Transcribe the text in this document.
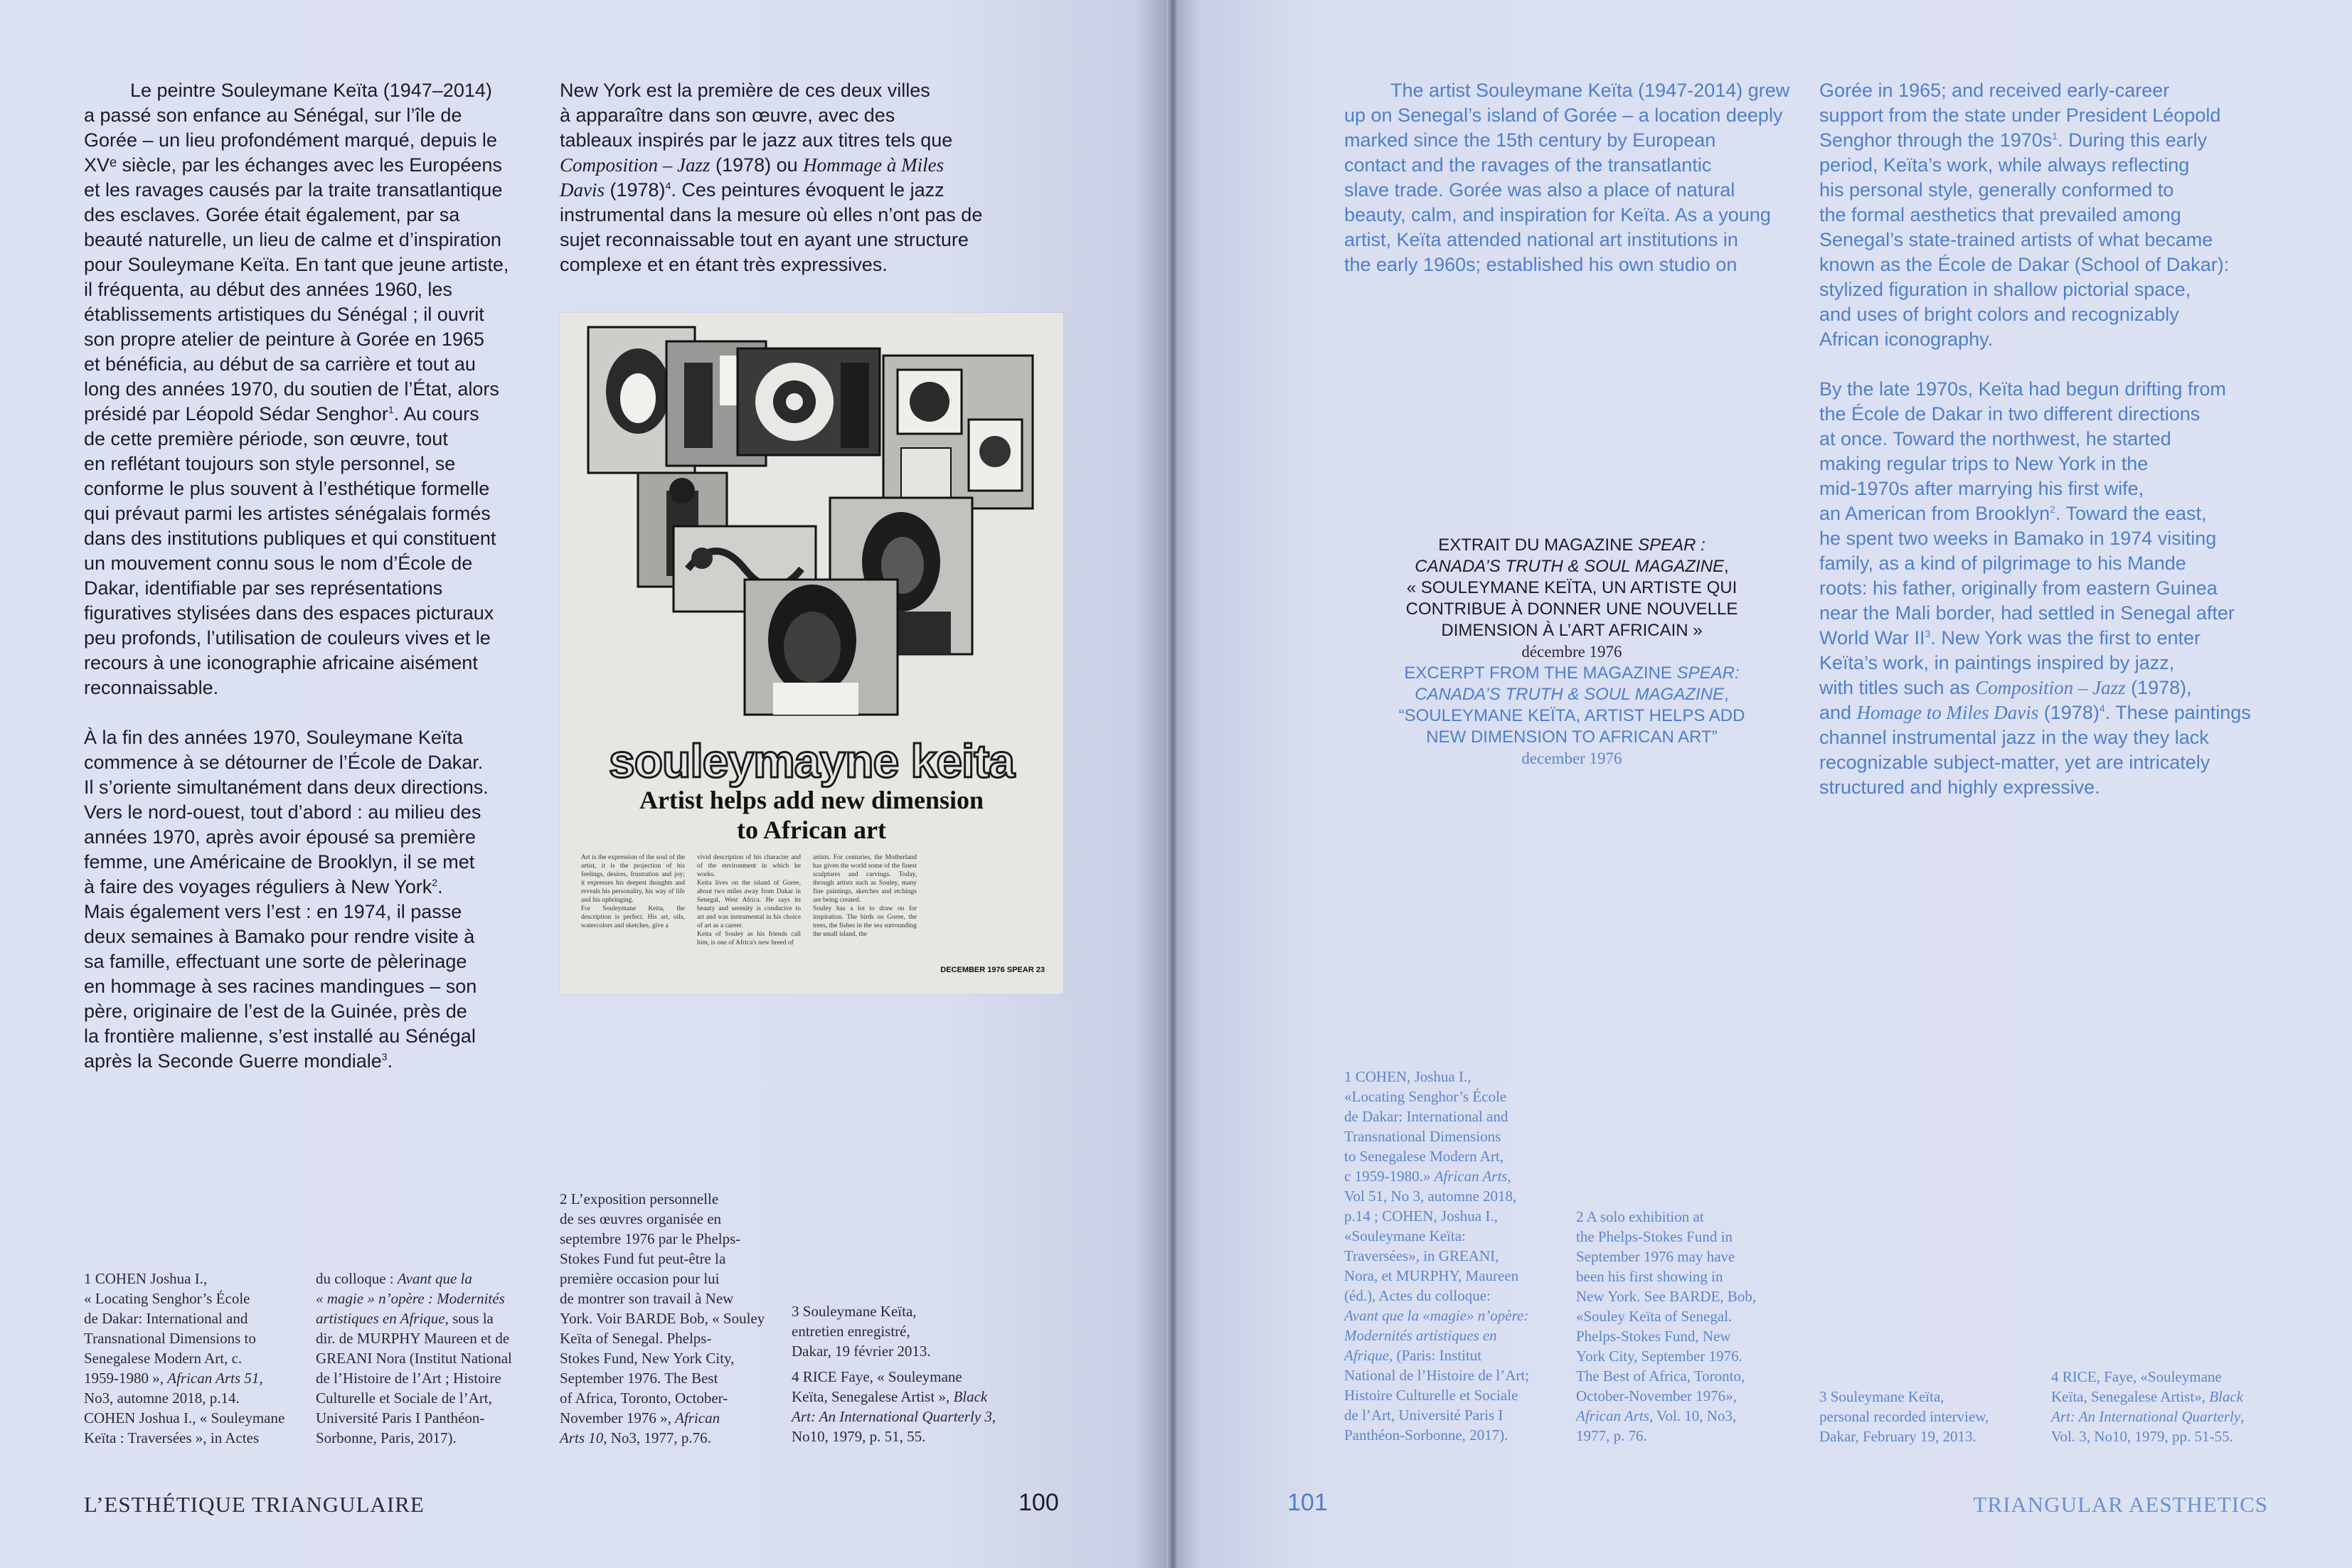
Le peintre Souleymane Keïta (1947–2014)
a passé son enfance au Sénégal, sur l’île de
Gorée – un lieu profondément marqué, depuis le
XVᵉ siècle, par les échanges avec les Européens
et les ravages causés par la traite transatlantique
des esclaves. Gorée était également, par sa
beauté naturelle, un lieu de calme et d’inspiration
pour Souleymane Keïta. En tant que jeune artiste,
il fréquenta, au début des années 1960, les
établissements artistiques du Sénégal ; il ouvrit
son propre atelier de peinture à Gorée en 1965
et bénéficia, au début de sa carrière et tout au
long des années 1970, du soutien de l’État, alors
présidé par Léopold Sédar Senghor$^1$. Au cours
de cette première période, son œuvre, tout
en reflétant toujours son style personnel, se
conforme le plus souvent à l’esthétique formelle
qui prévaut parmi les artistes sénégalais formés
dans des institutions publiques et qui constituent
un mouvement connu sous le nom d’École de
Dakar, identifiable par ses représentations
figuratives stylisées dans des espaces picturaux
peu profonds, l’utilisation de couleurs vives et le
recours à une iconographie africaine aisément
reconnaissable.

À la fin des années 1970, Souleymane Keïta
commence à se détourner de l’École de Dakar.
Il s’oriente simultanément dans deux directions.
Vers le nord-ouest, tout d’abord : au milieu des
années 1970, après avoir épousé sa première
femme, une Américaine de Brooklyn, il se met
à faire des voyages réguliers à New York$^2$.
Mais également vers l’est : en 1974, il passe
deux semaines à Bamako pour rendre visite à
sa famille, effectuant une sorte de pèlerinage
en hommage à ses racines mandingues – son
père, originaire de l’est de la Guinée, près de
la frontière malienne, s’est installé au Sénégal
après la Seconde Guerre mondiale$^3$.

New York est la première de ces deux villes
à apparaître dans son œuvre, avec des
tableaux inspirés par le jazz aux titres tels que
Composition – Jazz (1978) ou Hommage à Miles
Davis $(1978)^4$. Ces peintures évoquent le jazz
instrumental dans la mesure où elles n’ont pas de
sujet reconnaissable tout en ayant une structure
complexe et en étant très expressives.

souleymayne keita
Artist helps add new dimension
to African art
Art is the expression of the soul of the artist, it is the projection of his feelings, desires, frustration and joy; it expresses his deepest thoughts and reveals his personality, his way of life and his upbringing.
For Souleymane Keita, the description is perfect. His art, oils, watercolors and sketches, give a
vivid description of his character and of the environment in which he works.
Keita lives on the island of Goree, about two miles away from Dakar in Senegal, West Africa. He says its beauty and serenity is conducive to art and was instrumental in his choice of art as a career.
Keita of Souley as his friends call him, is one of Africa's new breed of
artists. For centuries, the Motherland has given the world some of the finest sculptures and carvings. Today, through artists such as Souley, many fine paintings, sketches and etchings are being created.
Souley has a lot to draw on for inspiration. The birds on Goree, the trees, the fishes in the sea surrounding the small island, the
DECEMBER 1976 SPEAR 23

1 COHEN Joshua I.,
« Locating Senghor’s École
de Dakar: International and
Transnational Dimensions to
Senegalese Modern Art, c.
1959-1980 », African Arts 51,
No3, automne 2018, p.14.
COHEN Joshua I., « Souleymane
Keïta : Traversées », in Actes

du colloque : Avant que la
« magie » n’opère : Modernités
artistiques en Afrique, sous la
dir. de MURPHY Maureen et de
GREANI Nora (Institut National
de l’Histoire de l’Art ; Histoire
Culturelle et Sociale de l’Art,
Université Paris I Panthéon-
Sorbonne, Paris, 2017).

2 L’exposition personnelle
de ses œuvres organisée en
septembre 1976 par le Phelps-
Stokes Fund fut peut-être la
première occasion pour lui
de montrer son travail à New
York. Voir BARDE Bob, « Souley
Keïta of Senegal. Phelps-
Stokes Fund, New York City,
September 1976. The Best
of Africa, Toronto, October-
November 1976 », African
Arts 10, No3, 1977, p.76.

3 Souleymane Keïta,
entretien enregistré,
Dakar, 19 février 2013.

4 RICE Faye, « Souleymane
Keïta, Senegalese Artist », Black
Art: An International Quarterly 3,
No10, 1979, p. 51, 55.

L’ESTHÉTIQUE TRIANGULAIRE	100

The artist Souleymane Keïta (1947-2014) grew
up on Senegal’s island of Gorée – a location deeply
marked since the 15th century by European
contact and the ravages of the transatlantic
slave trade. Gorée was also a place of natural
beauty, calm, and inspiration for Keïta. As a young
artist, Keïta attended national art institutions in
the early 1960s; established his own studio on

Gorée in 1965; and received early-career
support from the state under President Léopold
Senghor through the $1970s^1$. During this early
period, Keïta’s work, while always reflecting
his personal style, generally conformed to
the formal aesthetics that prevailed among
Senegal’s state-trained artists of what became
known as the École de Dakar (School of Dakar):
stylized figuration in shallow pictorial space,
and uses of bright colors and recognizably
African iconography.

By the late 1970s, Keïta had begun drifting from
the École de Dakar in two different directions
at once. Toward the northwest, he started
making regular trips to New York in the
mid-1970s after marrying his first wife,
an American from Brooklyn$^2$. Toward the east,
he spent two weeks in Bamako in 1974 visiting
family, as a kind of pilgrimage to his Mande
roots: his father, originally from eastern Guinea
near the Mali border, had settled in Senegal after
World War $II^3$. New York was the first to enter
Keïta’s work, in paintings inspired by jazz,
with titles such as Composition – Jazz (1978),
and Homage to Miles Davis $(1978)^4$. These paintings
channel instrumental jazz in the way they lack
recognizable subject-matter, yet are intricately
structured and highly expressive.

1 COHEN, Joshua I.,
«Locating Senghor’s École
de Dakar: International and
Transnational Dimensions
to Senegalese Modern Art,
c 1959-1980.» African Arts,
Vol 51, No 3, automne 2018,
p.14 ; COHEN, Joshua I.,
«Souleymane Keïta:
Traversées», in GREANI,
Nora, et MURPHY, Maureen
(éd.), Actes du colloque:
Avant que la «magie» n’opère:
Modernités artistiques en
Afrique, (Paris: Institut
National de l’Histoire de l’Art;
Histoire Culturelle et Sociale
de l’Art, Université Paris I
Panthéon-Sorbonne, 2017).

2 A solo exhibition at
the Phelps-Stokes Fund in
September 1976 may have
been his first showing in
New York. See BARDE, Bob,
«Souley Keïta of Senegal.
Phelps-Stokes Fund, New
York City, September 1976.
The Best of Africa, Toronto,
October-November 1976»,
African Arts, Vol. 10, No3,
1977, p. 76.

3 Souleymane Keïta,
personal recorded interview,
Dakar, February 19, 2013.

4 RICE, Faye, «Souleymane
Keïta, Senegalese Artist», Black
Art: An International Quarterly,
Vol. 3, No10, 1979, pp. 51-55.

101	TRIANGULAR AESTHETICS
EXTRAIT DU MAGAZINE SPEAR :
CANADA’S TRUTH & SOUL MAGAZINE,
« SOULEYMANE KEÏTA, UN ARTISTE QUI
CONTRIBUE À DONNER UNE NOUVELLE
DIMENSION À L’ART AFRICAIN »
décembre 1976
EXCERPT FROM THE MAGAZINE SPEAR:
CANADA’S TRUTH & SOUL MAGAZINE,
“SOULEYMANE KEÏTA, ARTIST HELPS ADD
NEW DIMENSION TO AFRICAN ART”
december 1976
